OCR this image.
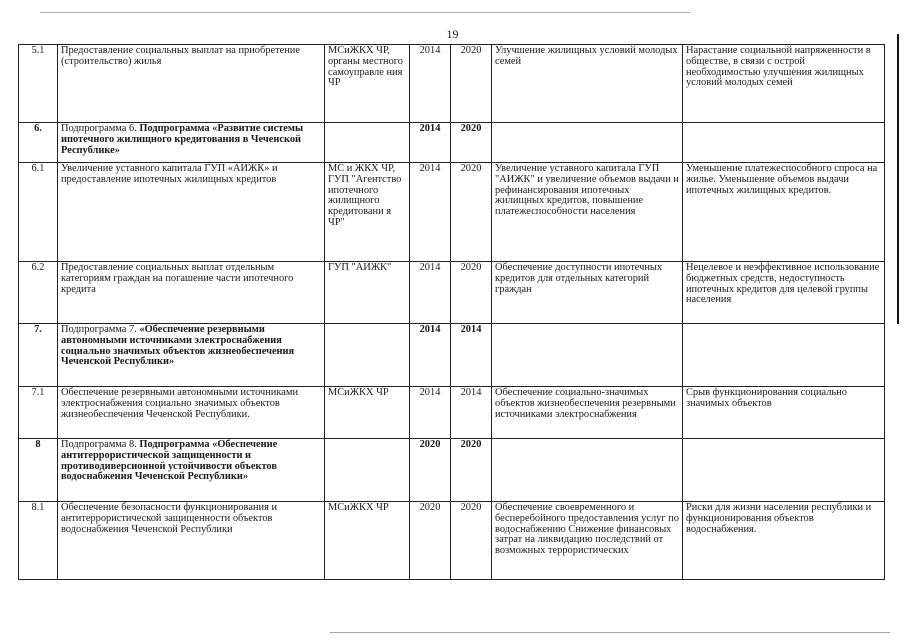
19
5.1	Предоставление социальных выплат на приобретение (строительство) жилья	МСиЖКХ ЧР, органы местного самоуправле ния ЧР	2014	2020	Улучшение жилищных условий молодых семей	Нарастание социальной напряженности в обществе, в связи с острой необходимостью улучшения жилищных условий молодых семей
6.	Подпрограмма 6. Подпрограмма «Развитие системы ипотечного жилищного кредитования в Чеченской Республике»		2014	2020		
6.1	Увеличение уставного капитала ГУП «АИЖК» и предоставление ипотечных жилищных кредитов	МС и ЖКХ ЧР, ГУП "Агентство ипотечного жилищного кредитовани я ЧР"	2014	2020	Увеличение уставного капитала ГУП "АИЖК" и увеличение объемов выдачи и рефинансирования ипотечных жилищных кредитов, повышение платежеспособности населения	Уменьшение платежеспособного спроса на жилье. Уменьшение объемов выдачи ипотечных жилищных кредитов.
6.2	Предоставление социальных выплат отдельным категориям граждан на погашение части ипотечного кредита	ГУП "АИЖК"	2014	2020	Обеспечение доступности ипотечных кредитов для отдельных категорий граждан	Нецелевое и неэффективное использование бюджетных средств, недоступность ипотечных кредитов для целевой группы населения
7.	Подпрограмма 7. «Обеспечение резервными автономными источниками электроснабжения социально значимых объектов жизнеобеспечения Чеченской Республики»		2014	2014		
7.1	Обеспечение резервными автономными источниками электроснабжения социально значимых объектов жизнеобеспечения Чеченской Республики.	МСиЖКХ ЧР	2014	2014	Обеспечение социально-значимых объектов жизнеобеспечения резервными источниками электроснабжения	Срыв функционирования социально значимых объектов
8	Подпрограмма 8. Подпрограмма «Обеспечение антитеррористической защищенности и противодиверсионной устойчивости объектов водоснабжения Чеченской Республики»		2020	2020		
8.1	Обеспечение безопасности функционирования и антитеррористической защищенности объектов водоснабжения Чеченской Республики	МСиЖКХ ЧР	2020	2020	Обеспечение своевременного и бесперебойного предоставления услуг по водоснабжению Снижение финансовых затрат на ликвидацию последствий от возможных террористических	Риски для жизни населения республики и функционирования объектов водоснабжения.
